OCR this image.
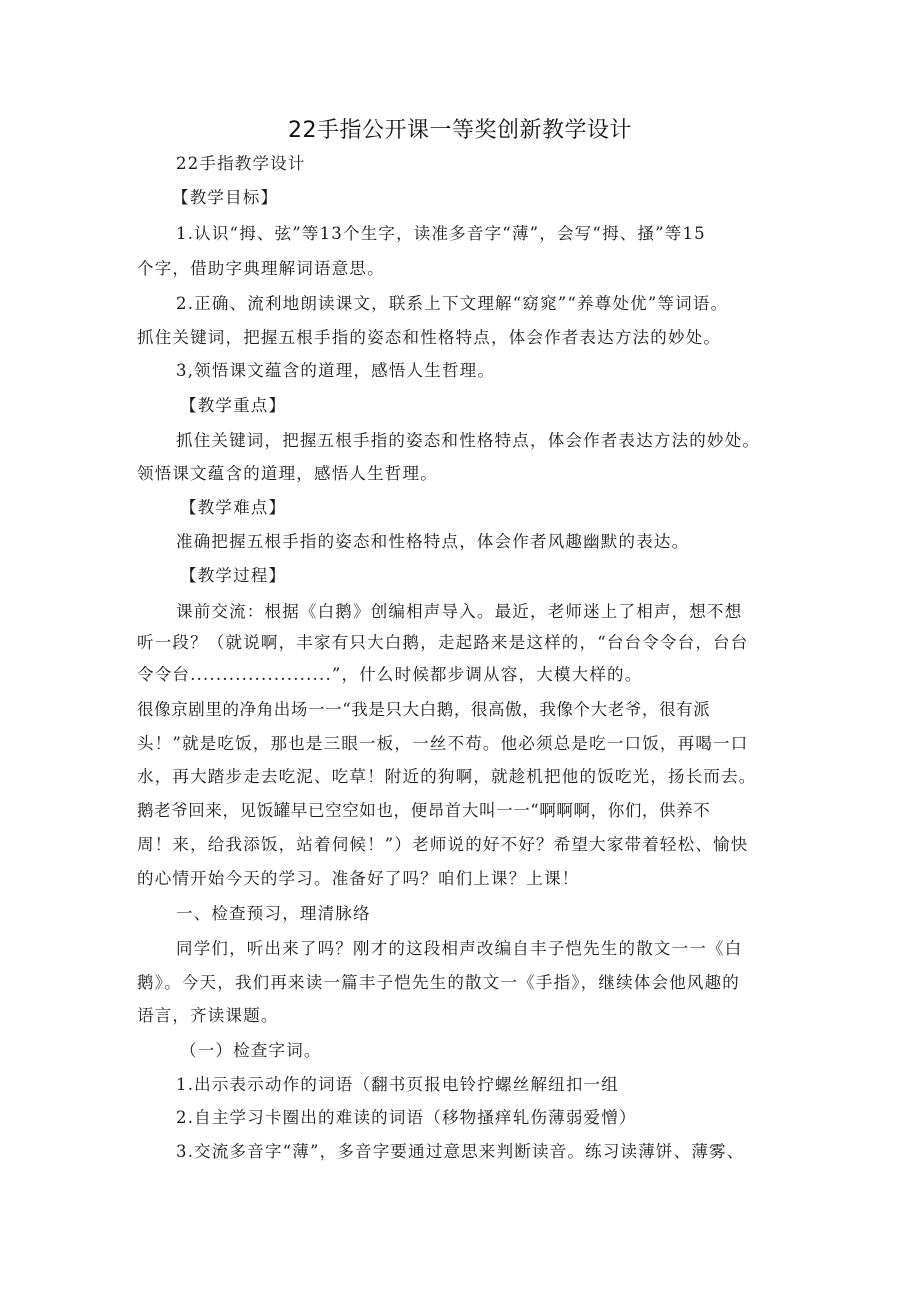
22手指公开课一等奖创新教学设计
22手指教学设计
【教学目标】
1.认识“拇、弦”等13个生字，读准多音字“薄”，会写“拇、搔”等15
个字，借助字典理解词语意思。
2.正确、流利地朗读课文，联系上下文理解“窈窕”“养尊处优”等词语。
抓住关键词，把握五根手指的姿态和性格特点，体会作者表达方法的妙处。
3,领悟课文蕴含的道理，感悟人生哲理。
【教学重点】
抓住关键词，把握五根手指的姿态和性格特点，体会作者表达方法的妙处。
领悟课文蕴含的道理，感悟人生哲理。
【教学难点】
准确把握五根手指的姿态和性格特点，体会作者风趣幽默的表达。
【教学过程】
课前交流：根据《白鹅》创编相声导入。最近，老师迷上了相声，想不想
听一段？（就说啊，丰家有只大白鹅，走起路来是这样的，“台台令令台，台台
令令台......................”，什么时候都步调从容，大模大样的。
很像京剧里的净角出场一一“我是只大白鹅，很高傲，我像个大老爷，很有派
头！”就是吃饭，那也是三眼一板，一丝不苟。他必须总是吃一口饭，再喝一口
水，再大踏步走去吃泥、吃草！附近的狗啊，就趁机把他的饭吃光，扬长而去。
鹅老爷回来，见饭罐早已空空如也，便昂首大叫一一“啊啊啊，你们，供养不
周！来，给我添饭，站着伺候！”）老师说的好不好？希望大家带着轻松、愉快
的心情开始今天的学习。准备好了吗？咱们上课？上课！
一、检查预习，理清脉络
同学们，听出来了吗？刚才的这段相声改编自丰子恺先生的散文一一《白
鹅》。今天，我们再来读一篇丰子恺先生的散文一《手指》，继续体会他风趣的
语言，齐读课题。
（一）检查字词。
1.出示表示动作的词语（翻书页报电铃拧螺丝解纽扣一组
2.自主学习卡圈出的难读的词语（移物搔痒轧伤薄弱爱憎）
3.交流多音字“薄”，多音字要通过意思来判断读音。练习读薄饼、薄雾、
